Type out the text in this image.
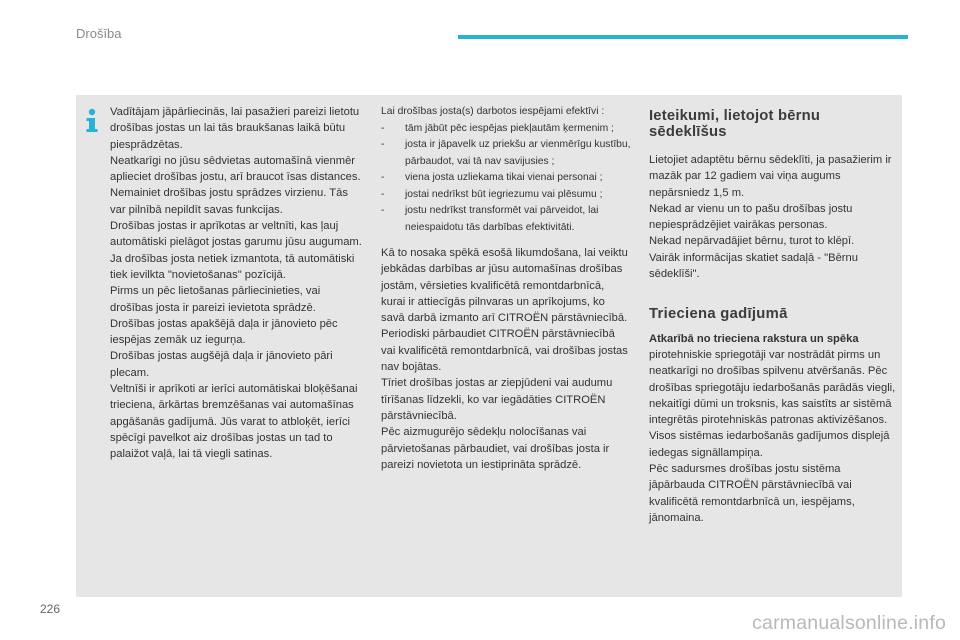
Drošība

Vadītājam jāpārliecinās, lai pasažieri pareizi lietotu drošības jostas un lai tās braukšanas laikā būtu piesprādzētas.

Neatkarīgi no jūsu sēdvietas automašīnā vienmēr aplieciet drošības jostu, arī braucot īsas distances.

Nemainiet drošības jostu sprādzes virzienu. Tās var pilnībā nepildīt savas funkcijas.

Drošības jostas ir aprīkotas ar veltnīti, kas ļauj automātiski pielāgot jostas garumu jūsu augumam. Ja drošības josta netiek izmantota, tā automātiski tiek ievilkta "novietošanas" pozīcijā.

Pirms un pēc lietošanas pārliecinieties, vai drošības josta ir pareizi ievietota sprādzē.

Drošības jostas apakšējā daļa ir jānovieto pēc iespējas zemāk uz iegurņa.

Drošības jostas augšējā daļa ir jānovieto pāri plecam.

Veltnīši ir aprīkoti ar ierīci automātiskai bloķēšanai trieciena, ārkārtas bremzēšanas vai automašīnas apgāšanās gadījumā. Jūs varat to atbloķēt, ierīci spēcīgi pavelkot aiz drošības jostas un tad to palaižot vaļā, lai tā viegli satinas.

Lai drošības josta(s) darbotos iespējami efektīvi :

- tām jābūt pēc iespējas piekļautām ķermenim ;
- josta ir jāpavelk uz priekšu ar vienmērīgu kustību, pārbaudot, vai tā nav savijusies ;
- viena josta uzliekama tikai vienai personai ;
- jostai nedrīkst būt iegriezumu vai plēsumu ;
- jostu nedrīkst transformēt vai pārveidot, lai neiespaidotu tās darbības efektivitāti.

Kā to nosaka spēkā esošā likumdošana, lai veiktu jebkādas darbības ar jūsu automašīnas drošības jostām, vērsieties kvalificētā remontdarbnīcā, kurai ir attiecīgās pilnvaras un aprīkojums, ko savā darbā izmanto arī CITROËN pārstāvniecībā.

Periodiski pārbaudiet CITROËN pārstāvniecībā vai kvalificētā remontdarbnīcā, vai drošības jostas nav bojātas.

Tīriet drošības jostas ar ziepjūdeni vai audumu tīrīšanas līdzekli, ko var iegādāties CITROËN pārstāvniecībā.

Pēc aizmugurējo sēdekļu nolocīšanas vai pārvietošanas pārbaudiet, vai drošības josta ir pareizi novietota un iestiprināta sprādzē.

Ieteikumi, lietojot bērnu sēdeklīšus

Lietojiet adaptētu bērnu sēdeklīti, ja pasažierim ir mazāk par 12 gadiem vai viņa augums nepārsniedz 1,5 m.

Nekad ar vienu un to pašu drošības jostu nepiesprādzējiet vairākas personas.

Nekad nepārvadājiet bērnu, turot to klēpī.

Vairāk informācijas skatiet sadaļā - "Bērnu sēdeklīši".

Trieciena gadījumā

Atkarībā no trieciena rakstura un spēka

pirotehniskie spriegotāji var nostrādāt pirms un neatkarīgi no drošības spilvenu atvēršanās. Pēc drošības spriegotāju iedarbošanās parādās viegli, nekaitīgi dūmi un troksnis, kas saistīts ar sistēmā integrētās pirotehniskās patronas aktivizēšanos.

Visos sistēmas iedarbošanās gadījumos displejā iedegas signāllampiņa.

Pēc sadursmes drošības jostu sistēma jāpārbauda CITROËN pārstāvniecībā vai kvalificētā remontdarbnīcā un, iespējams, jānomaina.

226
carmanualsonline.info
